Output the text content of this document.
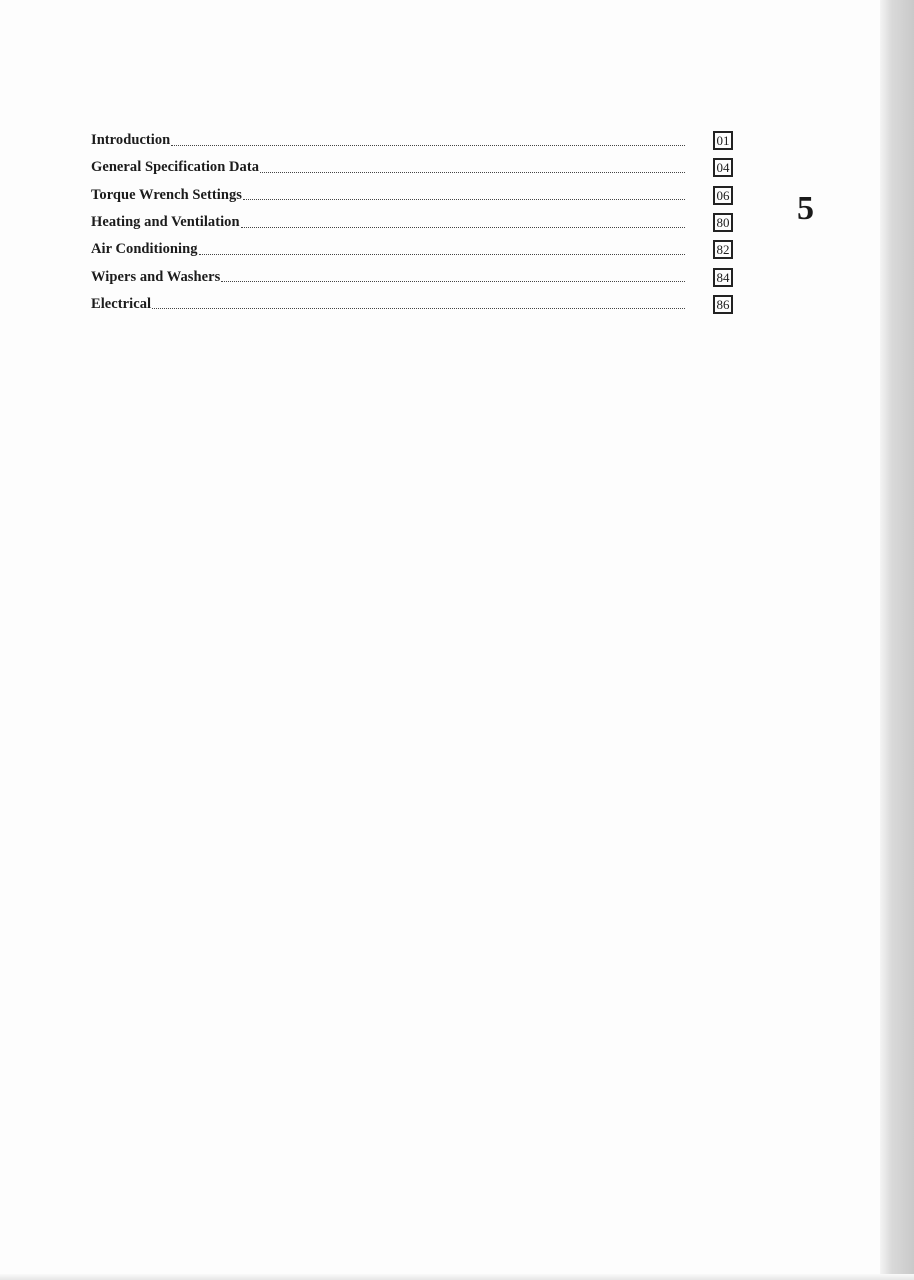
Introduction	01
General Specification Data	04
Torque Wrench Settings	06
Heating and Ventilation	80
Air Conditioning	82
Wipers and Washers	84
Electrical	86
5
